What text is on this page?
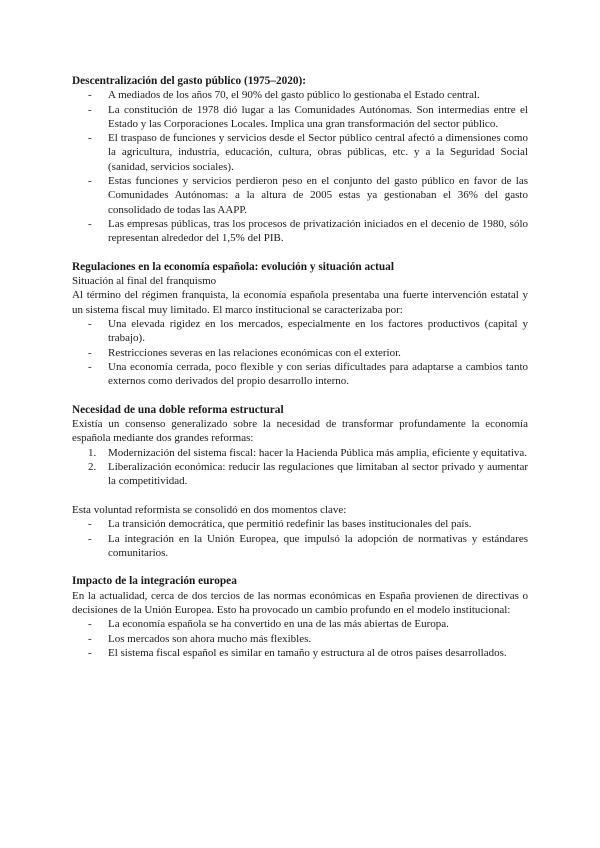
Descentralización del gasto público (1975–2020):
- A mediados de los años 70, el 90% del gasto público lo gestionaba el Estado central.
- La constitución de 1978 dió lugar a las Comunidades Autónomas. Son intermedias entre el Estado y las Corporaciones Locales. Implica una gran transformación del sector público.
- El traspaso de funciones y servicios desde el Sector público central afectó a dimensiones como la agricultura, industria, educación, cultura, obras públicas, etc. y a la Seguridad Social (sanidad, servicios sociales).
- Estas funciones y servicios perdieron peso en el conjunto del gasto público en favor de las Comunidades Autónomas: a la altura de 2005 estas ya gestionaban el 36% del gasto consolidado de todas las AAPP.
- Las empresas públicas, tras los procesos de privatización iniciados en el decenio de 1980, sólo representan alrededor del 1,5% del PIB.
Regulaciones en la economía española: evolución y situación actual

Situación al final del franquismo

Al término del régimen franquista, la economía española presentaba una fuerte intervención estatal y un sistema fiscal muy limitado. El marco institucional se caracterizaba por:

- Una elevada rigidez en los mercados, especialmente en los factores productivos (capital y trabajo).
- Restricciones severas en las relaciones económicas con el exterior.
- Una economía cerrada, poco flexible y con serias dificultades para adaptarse a cambios tanto externos como derivados del propio desarrollo interno.
Necesidad de una doble reforma estructural

Existía un consenso generalizado sobre la necesidad de transformar profundamente la economía española mediante dos grandes reformas:

1. Modernización del sistema fiscal: hacer la Hacienda Pública más amplia, eficiente y equitativa.
2. Liberalización económica: reducir las regulaciones que limitaban al sector privado y aumentar la competitividad.

Esta voluntad reformista se consolidó en dos momentos clave:

- La transición democrática, que permitió redefinir las bases institucionales del país.
- La integración en la Unión Europea, que impulsó la adopción de normativas y estándares comunitarios.
Impacto de la integración europea

En la actualidad, cerca de dos tercios de las normas económicas en España provienen de directivas o decisiones de la Unión Europea. Esto ha provocado un cambio profundo en el modelo institucional:

- La economía española se ha convertido en una de las más abiertas de Europa.
- Los mercados son ahora mucho más flexibles.
- El sistema fiscal español es similar en tamaño y estructura al de otros países desarrollados.
